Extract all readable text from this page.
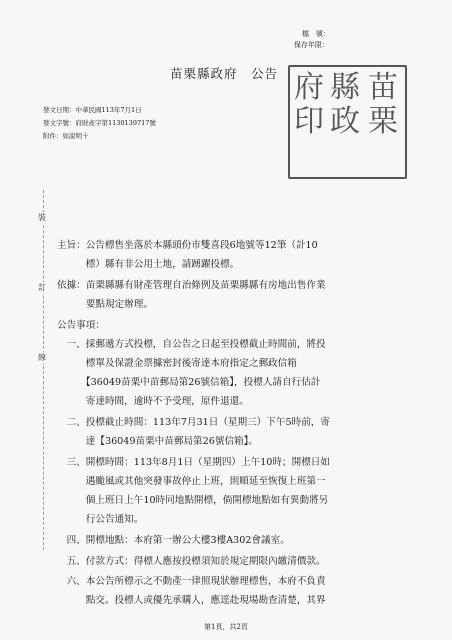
檔　號：
保存年限：
苗栗縣政府　公告
發文日期：中華民國113年7月1日
發文字號：府財產字第1130139717號
附件：如說明十
苗
栗
縣
政
府
印
裝
訂
線
主旨：公告標售坐落於本縣頭份市雙喜段6地號等12筆（計10
　　　標）縣有非公用土地，請踴躍投標。
依據：苗栗縣縣有財產管理自治條例及苗栗縣縣有房地出售作業
　　　要點規定辦理。
公告事項：
　一、採郵遞方式投標，自公告之日起至投標截止時間前，將投
　　　標單及保證金票據密封後寄達本府指定之郵政信箱
　　　【36049苗栗中苗郵局第26號信箱】，投標人請自行估計
　　　寄達時間，逾時不予受理，原件退還。
　二、投標截止時間：113年7月31日（星期三）下午5時前，寄
　　　達【36049苗栗中苗郵局第26號信箱】。
　三、開標時間：113年8月1日（星期四）上午10時；開標日如
　　　遇颱風或其他突發事故停止上班，則順延至恢復上班第一
　　　個上班日上午10時同地點開標，倘開標地點如有異動將另
　　　行公告通知。
　四、開標地點：本府第一辦公大樓3樓A302會議室。
　五、付款方式：得標人應按投標須知於規定期限內繳清價款。
　六、本公告所標示之不動產一律照現狀辦理標售，本府不負責
　　　點交。投標人或優先承購人，應逕赴現場勘查清楚，其界
第1頁，共2頁
